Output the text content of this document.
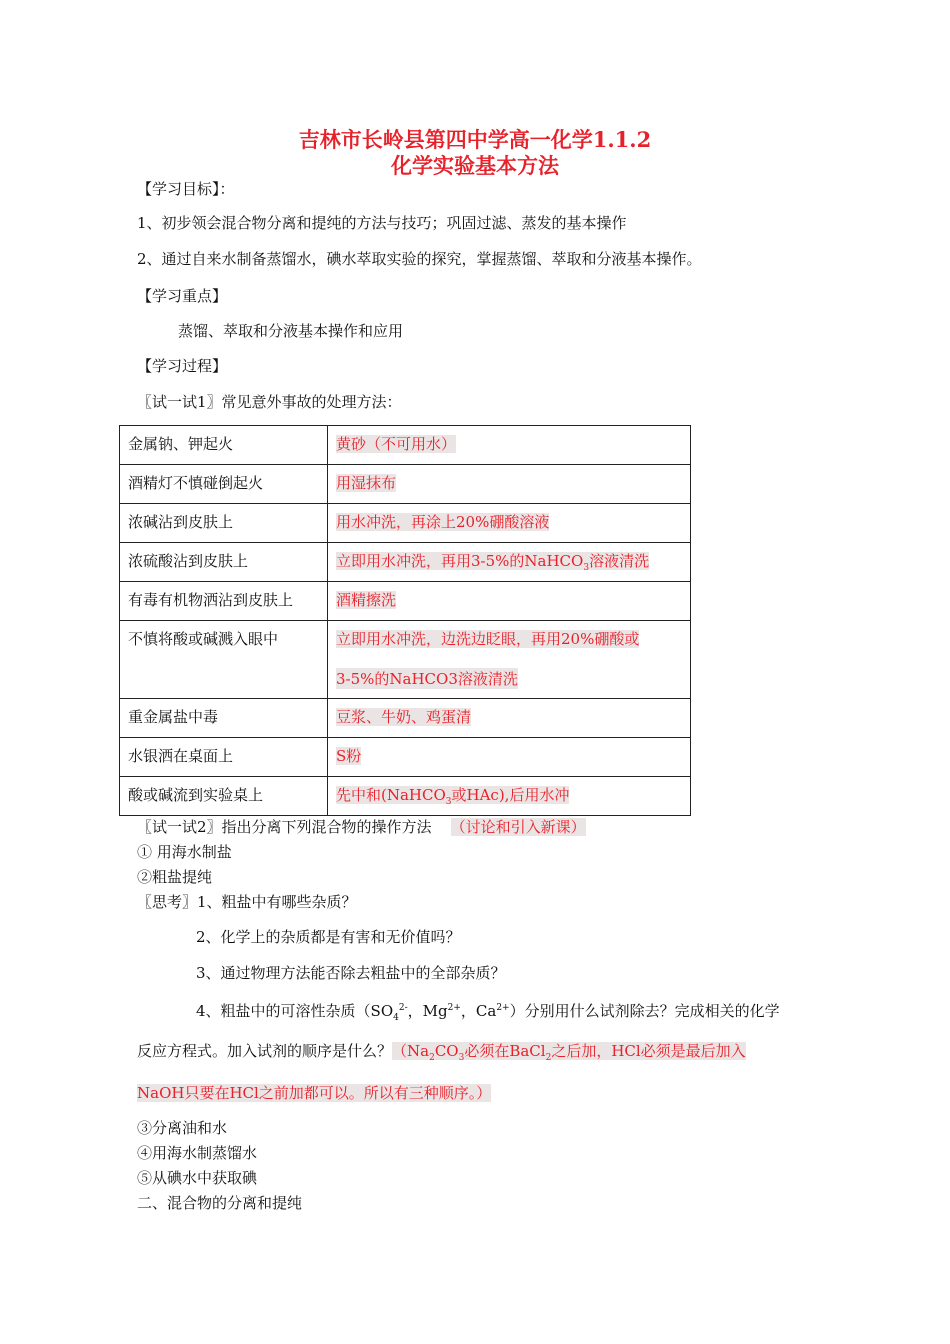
吉林市长岭县第四中学高一化学1.1.2
化学实验基本方法
【学习目标】：
1、初步领会混合物分离和提纯的方法与技巧；巩固过滤、蒸发的基本操作
2、通过自来水制备蒸馏水，碘水萃取实验的探究，掌握蒸馏、萃取和分液基本操作。
【学习重点】
蒸馏、萃取和分液基本操作和应用
【学习过程】
〖试一试1〗常见意外事故的处理方法：
金属钠、钾起火	黄砂（不可用水）
酒精灯不慎碰倒起火	用湿抹布
浓碱沾到皮肤上	用水冲洗，再涂上20%硼酸溶液
浓硫酸沾到皮肤上	立即用水冲洗，再用3-5%的NaHCO$_3$溶液清洗
有毒有机物洒沾到皮肤上	酒精擦洗
不慎将酸或碱溅入眼中	立即用水冲洗，边洗边眨眼，再用20%硼酸或
3-5%的NaHCO3溶液清洗
重金属盐中毒	豆浆、牛奶、鸡蛋清
水银洒在桌面上	S粉
酸或碱流到实验桌上	先中和(NaHCO$_3$或HAc),后用水冲
〖试一试2〗指出分离下列混合物的操作方法 （讨论和引入新课）
① 用海水制盐
②粗盐提纯
〖思考〗1、粗盐中有哪些杂质？
2、化学上的杂质都是有害和无价值吗？
3、通过物理方法能否除去粗盐中的全部杂质？
4、粗盐中的可溶性杂质（$SO_4^{2-}$，$Mg^{2+}$，$Ca^{2+}$）分别用什么试剂除去？完成相关的化学
反应方程式。加入试剂的顺序是什么？（$Na_2CO_3$必须在BaCl$_2$之后加，HCl必须是最后加入
NaOH只要在HCl之前加都可以。所以有三种顺序。）
③分离油和水
④用海水制蒸馏水
⑤从碘水中获取碘
二、混合物的分离和提纯
